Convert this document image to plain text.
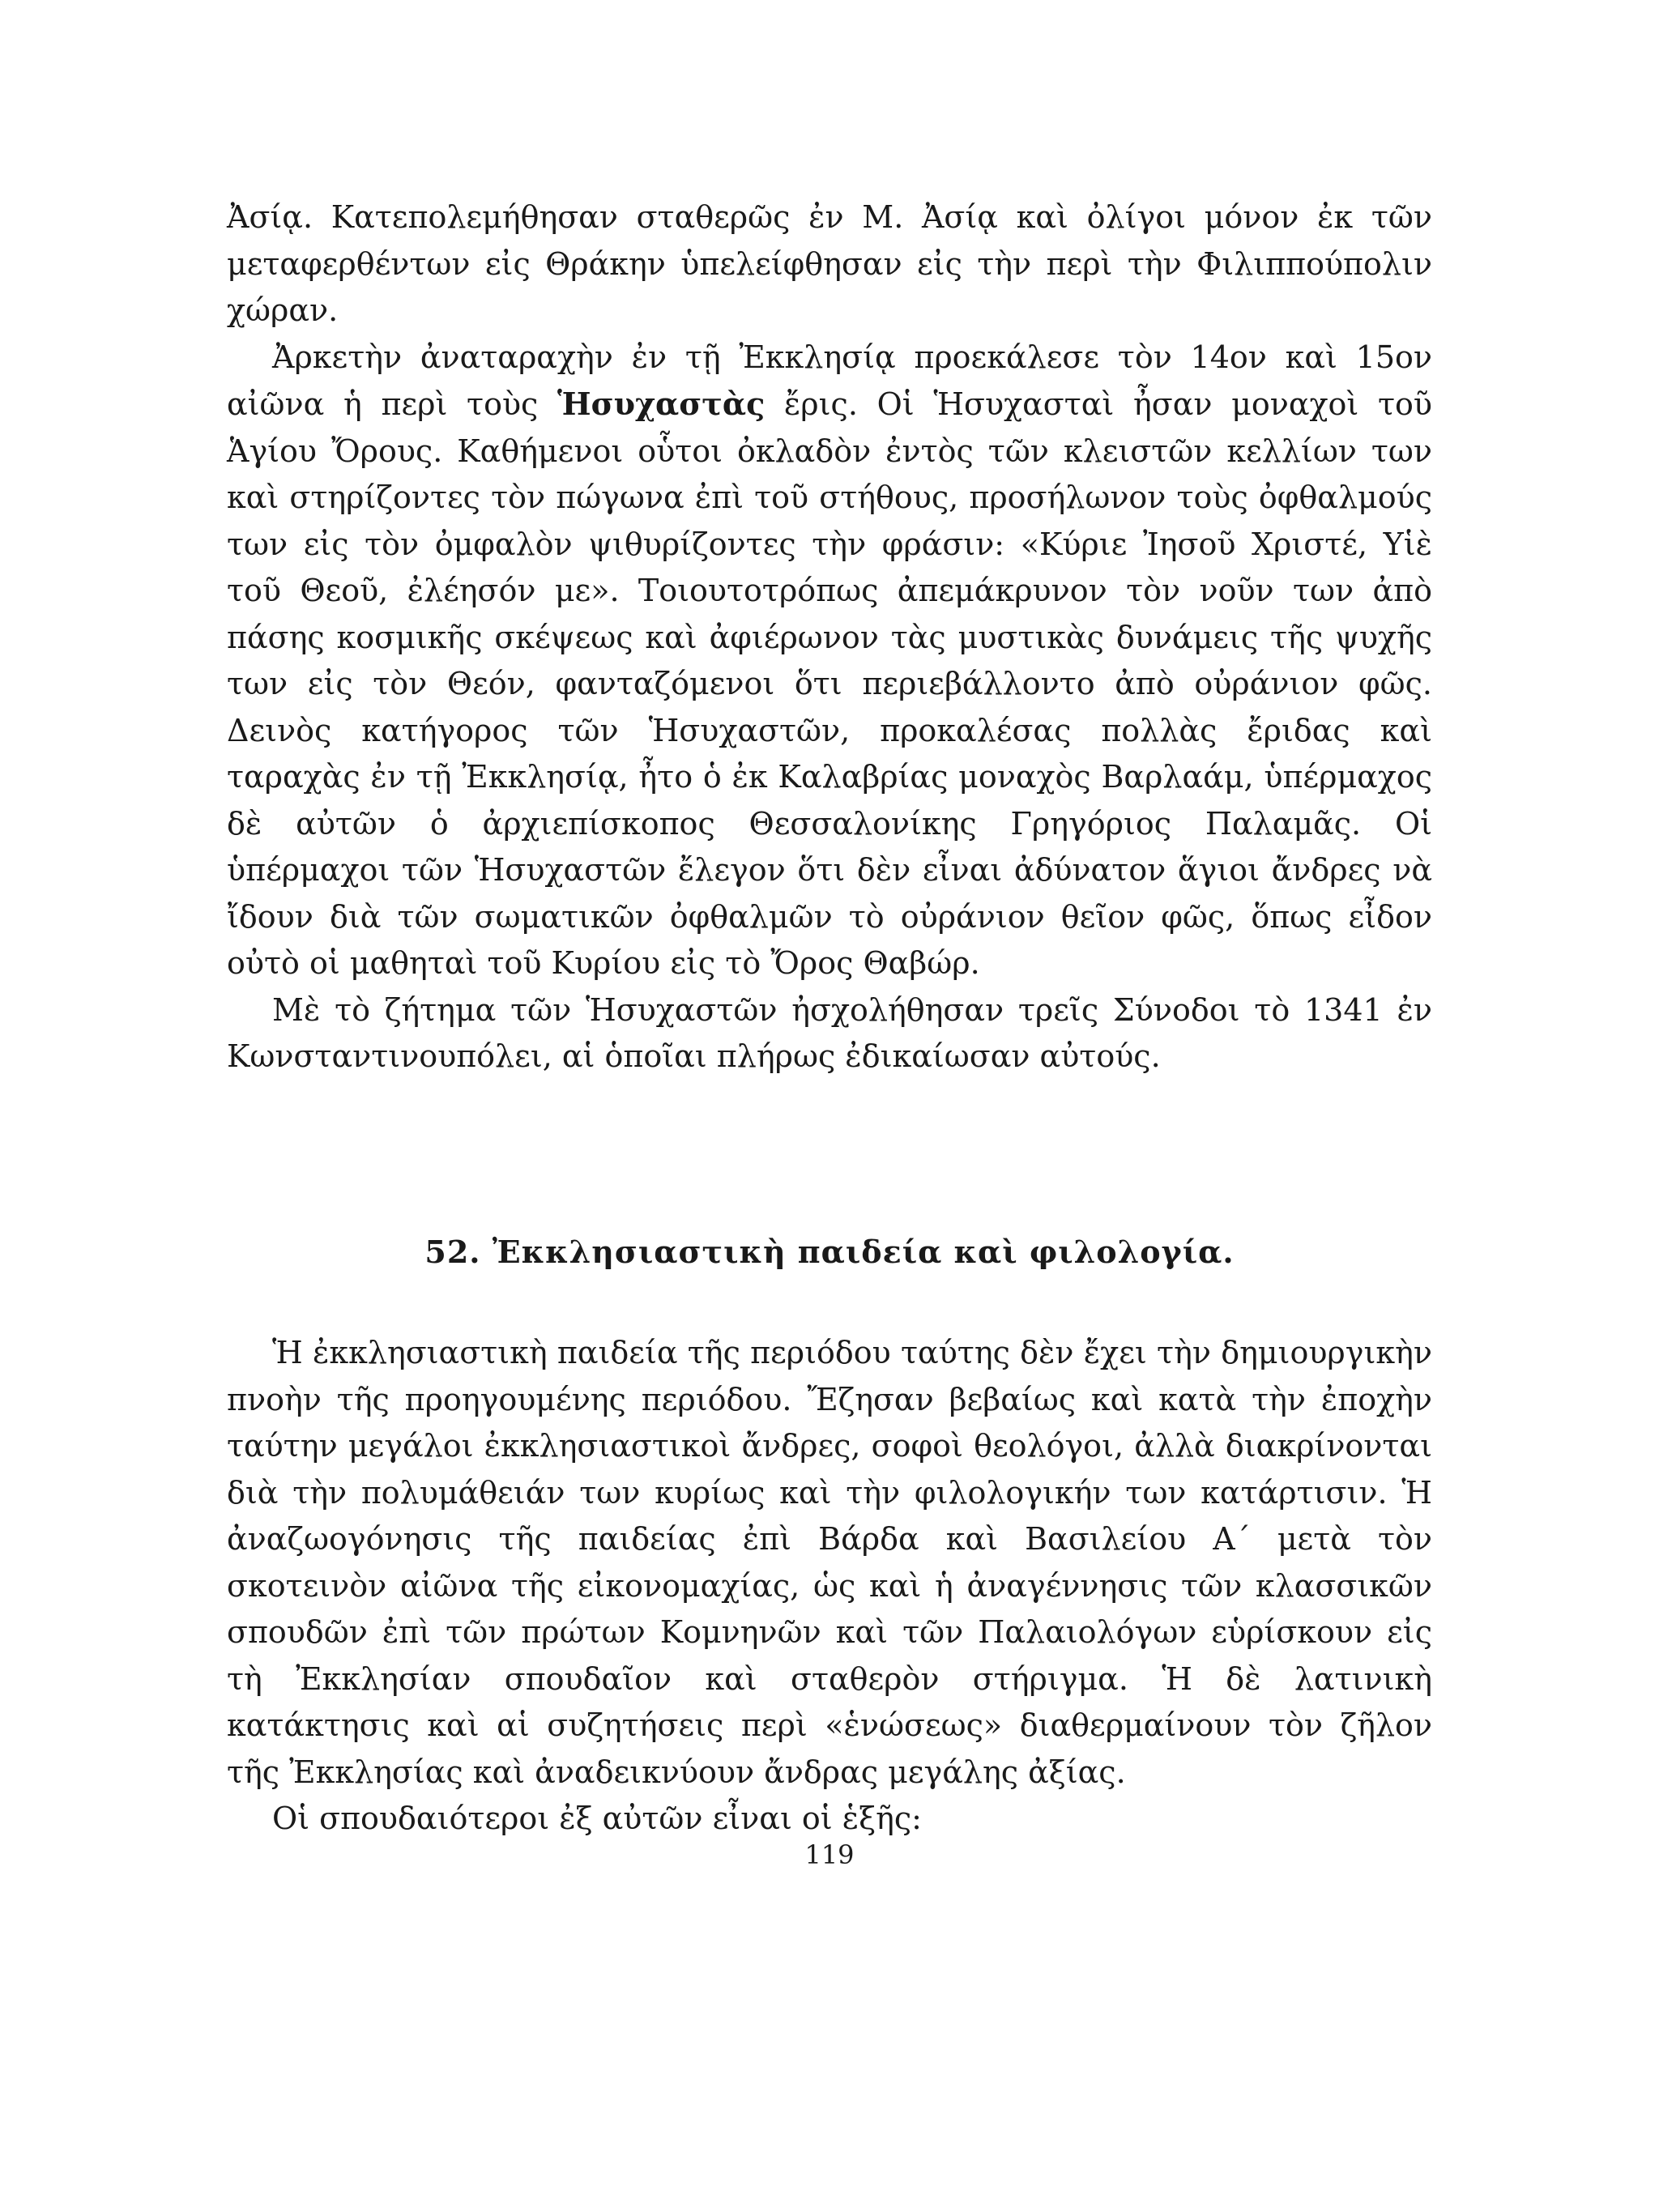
Ἀσίᾳ. Κατεπολεμήθησαν σταθερῶς ἐν Μ. Ἀσίᾳ καὶ ὀλίγοι μόνον ἐκ τῶν μεταφερθέντων εἰς Θράκην ὑπελείφθησαν εἰς τὴν περὶ τὴν Φιλιππούπολιν χώραν.

Ἀρκετὴν ἀναταραχὴν ἐν τῇ Ἐκκλησίᾳ προεκάλεσε τὸν 14ον καὶ 15ον αἰῶνα ἡ περὶ τοὺς Ἡσυχαστὰς ἔρις. Οἱ Ἡσυχασταὶ ἦσαν μοναχοὶ τοῦ Ἁγίου Ὄρους. Καθήμενοι οὗτοι ὀκλαδὸν ἐντὸς τῶν κλειστῶν κελλίων των καὶ στηρίζοντες τὸν πώγωνα ἐπὶ τοῦ στήθους, προσήλωνον τοὺς ὀφθαλμούς των εἰς τὸν ὀμφαλὸν ψιθυρίζοντες τὴν φράσιν: «Κύριε Ἰησοῦ Χριστέ, Υἱὲ τοῦ Θεοῦ, ἐλέησόν με». Τοιουτοτρόπως ἀπεμάκρυνον τὸν νοῦν των ἀπὸ πάσης κοσμικῆς σκέψεως καὶ ἀφιέρωνον τὰς μυστικὰς δυνάμεις τῆς ψυχῆς των εἰς τὸν Θεόν, φανταζόμενοι ὅτι περιεβάλλοντο ἀπὸ οὐράνιον φῶς. Δεινὸς κατήγορος τῶν Ἡσυχαστῶν, προκαλέσας πολλὰς ἔριδας καὶ ταραχὰς ἐν τῇ Ἐκκλησίᾳ, ἦτο ὁ ἐκ Καλαβρίας μοναχὸς Βαρλαάμ, ὑπέρμαχος δὲ αὐτῶν ὁ ἀρχιεπίσκοπος Θεσσαλονίκης Γρηγόριος Παλαμᾶς. Οἱ ὑπέρμαχοι τῶν Ἡσυχαστῶν ἔλεγον ὅτι δὲν εἶναι ἀδύνατον ἅγιοι ἄνδρες νὰ ἴδουν διὰ τῶν σωματικῶν ὀφθαλμῶν τὸ οὐράνιον θεῖον φῶς, ὅπως εἶδον οὐτὸ οἱ μαθηταὶ τοῦ Κυρίου εἰς τὸ Ὄρος Θαβώρ.

Μὲ τὸ ζήτημα τῶν Ἡσυχαστῶν ἠσχολήθησαν τρεῖς Σύνοδοι τὸ 1341 ἐν Κωνσταντινουπόλει, αἱ ὁποῖαι πλήρως ἐδικαίωσαν αὐτούς.

52. Ἐκκλησιαστικὴ παιδεία καὶ φιλολογία.

Ἡ ἐκκλησιαστικὴ παιδεία τῆς περιόδου ταύτης δὲν ἔχει τὴν δημιουργικὴν πνοὴν τῆς προηγουμένης περιόδου. Ἔζησαν βεβαίως καὶ κατὰ τὴν ἐποχὴν ταύτην μεγάλοι ἐκκλησιαστικοὶ ἄνδρες, σοφοὶ θεολόγοι, ἀλλὰ διακρίνονται διὰ τὴν πολυμάθειάν των κυρίως καὶ τὴν φιλολογικήν των κατάρτισιν. Ἡ ἀναζωογόνησις τῆς παιδείας ἐπὶ Βάρδα καὶ Βασιλείου Α΄ μετὰ τὸν σκοτεινὸν αἰῶνα τῆς εἰκονομαχίας, ὡς καὶ ἡ ἀναγέννησις τῶν κλασσικῶν σπουδῶν ἐπὶ τῶν πρώτων Κομνηνῶν καὶ τῶν Παλαιολόγων εὑρίσκουν εἰς τὴ Ἐκκλησίαν σπουδαῖον καὶ σταθερὸν στήριγμα. Ἡ δὲ λατινικὴ κατάκτησις καὶ αἱ συζητήσεις περὶ «ἑνώσεως» διαθερμαίνουν τὸν ζῆλον τῆς Ἐκκλησίας καὶ ἀναδεικνύουν ἄνδρας μεγάλης ἀξίας.

Οἱ σπουδαιότεροι ἐξ αὐτῶν εἶναι οἱ ἑξῆς:

119
